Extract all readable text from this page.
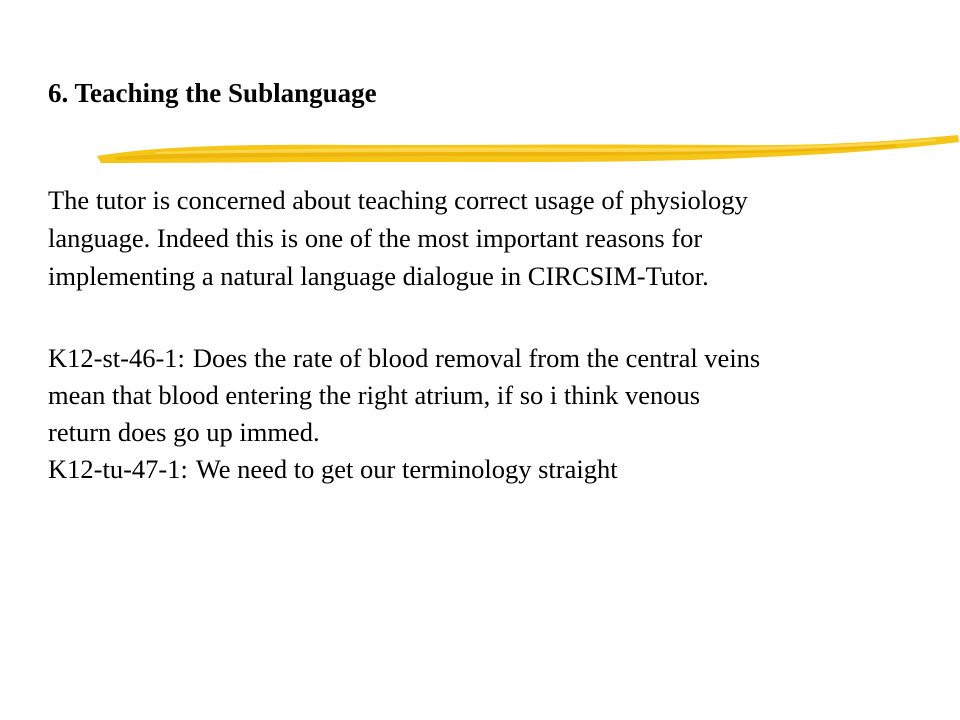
6. Teaching the Sublanguage
The tutor is concerned about teaching correct usage of physiology
language. Indeed this is one of the most important reasons for
implementing a natural language dialogue in CIRCSIM-Tutor.
K12-st-46-1: Does the rate of blood removal from the central veins
mean that blood entering the right atrium, if so i think venous
return does go up immed.
K12-tu-47-1: We need to get our terminology straight
